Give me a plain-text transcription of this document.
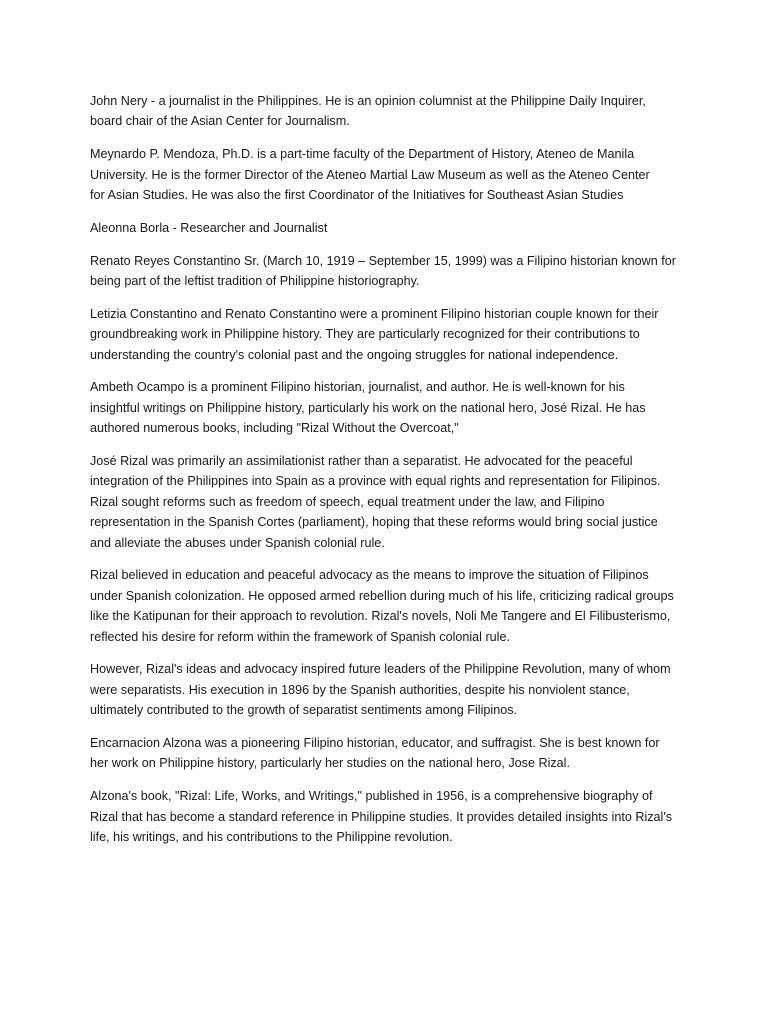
John Nery - a journalist in the Philippines. He is an opinion columnist at the Philippine Daily Inquirer,
board chair of the Asian Center for Journalism.

Meynardo P. Mendoza, Ph.D. is a part-time faculty of the Department of History, Ateneo de Manila
University. He is the former Director of the Ateneo Martial Law Museum as well as the Ateneo Center
for Asian Studies. He was also the first Coordinator of the Initiatives for Southeast Asian Studies

Aleonna Borla - Researcher and Journalist

Renato Reyes Constantino Sr. (March 10, 1919 – September 15, 1999) was a Filipino historian known for
being part of the leftist tradition of Philippine historiography.

Letizia Constantino and Renato Constantino were a prominent Filipino historian couple known for their
groundbreaking work in Philippine history. They are particularly recognized for their contributions to
understanding the country's colonial past and the ongoing struggles for national independence.

Ambeth Ocampo is a prominent Filipino historian, journalist, and author. He is well-known for his
insightful writings on Philippine history, particularly his work on the national hero, José Rizal. He has
authored numerous books, including "Rizal Without the Overcoat,"

José Rizal was primarily an assimilationist rather than a separatist. He advocated for the peaceful
integration of the Philippines into Spain as a province with equal rights and representation for Filipinos.
Rizal sought reforms such as freedom of speech, equal treatment under the law, and Filipino
representation in the Spanish Cortes (parliament), hoping that these reforms would bring social justice
and alleviate the abuses under Spanish colonial rule.

Rizal believed in education and peaceful advocacy as the means to improve the situation of Filipinos
under Spanish colonization. He opposed armed rebellion during much of his life, criticizing radical groups
like the Katipunan for their approach to revolution. Rizal's novels, Noli Me Tangere and El Filibusterismo,
reflected his desire for reform within the framework of Spanish colonial rule.

However, Rizal's ideas and advocacy inspired future leaders of the Philippine Revolution, many of whom
were separatists. His execution in 1896 by the Spanish authorities, despite his nonviolent stance,
ultimately contributed to the growth of separatist sentiments among Filipinos.

Encarnacion Alzona was a pioneering Filipino historian, educator, and suffragist. She is best known for
her work on Philippine history, particularly her studies on the national hero, Jose Rizal.

Alzona's book, "Rizal: Life, Works, and Writings," published in 1956, is a comprehensive biography of
Rizal that has become a standard reference in Philippine studies. It provides detailed insights into Rizal's
life, his writings, and his contributions to the Philippine revolution.
